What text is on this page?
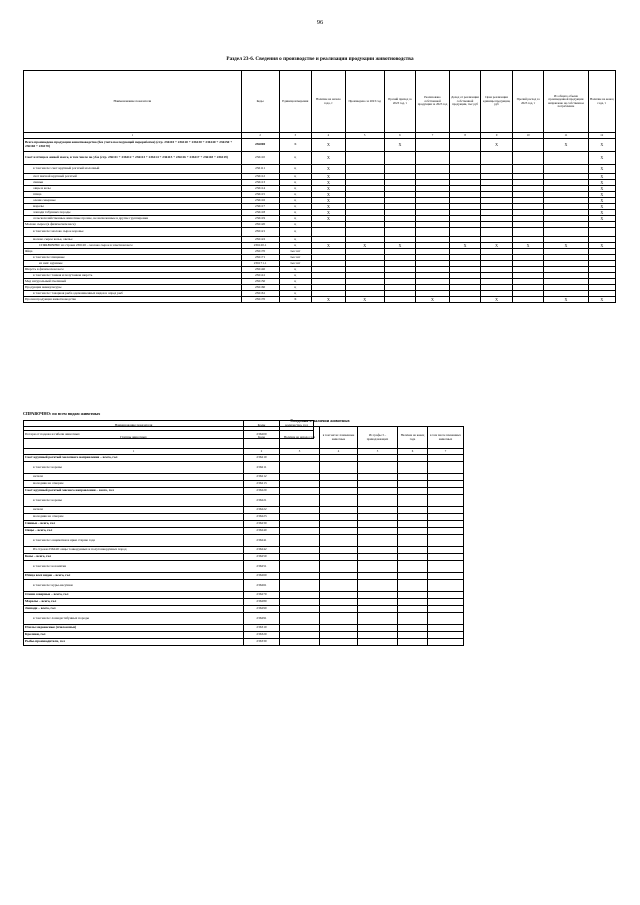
96
Раздел 23-6. Сведения о производстве и реализации продукции животноводства
Наименование показателя	Коды	Единица измерения	Наличие на начало года, т	Произведено за 2023 год	Прочий приход за 2023 год, т	Реализовано собственной продукции за 2023 год	Доход от реализации собственной продукции, тыс руб	Цена реализации единицы продукции, руб	Прочий расход за 2023 год, т	Из общего объема произведенной продукции направлено на собственное потребление	Наличие на конец года, т
1	2	3	4	5	6	7	8	9	10	11	12
Всего произведено продукции животноводства (без учета последующей переработки) (стр. 236110 + 236120 + 236130 + 236140 + 236150 + 236160 + 236170)	236000	X	X		X			X		X	X
Скот и птица в живой массе, в том числе по уб.в (стр. 236111 + 236112 + 236113 + 236114 + 236115 + 236116 + 236117 + 236118 + 236119)	236110	ц	X								X
в том числе: скот крупный рогатый молочный	236111	ц	X								X
скот мясной крупный рогатый	236112	ц	X								X
свиньи	236113	ц	X								X
овцы и козы	236114	ц	X								X
птица	236115	ц	X								X
олени северные	236116	ц	X								X
маралы	236117	ц	X								X
лошади табунных породы	236118	ц	X								X
сельскохозяйственные животные прочие, не включенные в другие группировки	236119	ц	X								X
Молоко сырое (в физическом весе)	236120	ц									
в том числе: молоко сырое коровье	236121	ц									
молоко сырое козье, овечье	236122	ц									
СПРАВОЧНО: из строки 236120 – молоко сырое в зачетном весе	236120.1	ц	X	X	X		X	X	X	X	X
Яйца	236170	тыс шт									
в том числе: пищевые	236171	тыс шт									
из них: куриные	236171.1	тыс шт									
Шерсть в физическом весе	236140	ц									
в том числе: тонкая и полутонкая шерсть	236141	ц									
Мед натуральный пчелиный	236150	ц									
Продукция аквакультуры	236160	ц									
в том числе: товарная рыба одомашненных видов в опред рыб	236161	ц									
Прочая продукция животноводства	236170	X	X	X		X		X		X	X
СПРАВОЧНО: по всем видам животных
Наименование показателя	Коды	количество, гол
Потери от падежа и гибели животных	236200	
Сведения о наличии животных
Группы животных	Коды	Наличие на начало года	в том числе: племенные животные	Из графы 3 – принадлежащих	Наличие на конец года	в том числе племенных животных
1	2	3	4	5	6	7
Скот крупный рогатый молочного направления – всего, гол	236210					
в том числе: коровы	236211					
нетели	236212					
молодняк на откорме	236213					
Скот крупный рогатый мясного направления – всего, гол	236220					
в том числе: коровы	236221					
нетели	236222					
молодняк на откорме	236223					
Свиньи – всего, гол	236230					
Овцы – всего, гол	236240					
в том числе: овцематки и ярки старше года	236241					
Из строки 236240: овцы тонкорунных и полутонкорунных пород	236242					
Козы – всего, гол	236250					
в том числе: козоматки	236251					
Птица всех видов – всего, гол	236260					
в том числе: куры-несушки	236261					
Олени северные – всего, гол	236270					
Маралы – всего, гол	236280					
Лошади – всего, гол	236290					
в том числе: лошади табунных породы	236291					
Пчелы медоносные (пчелосемьи)	236310					
Кролики, гол	236320					
Рыбы-производители, гол	236330					
